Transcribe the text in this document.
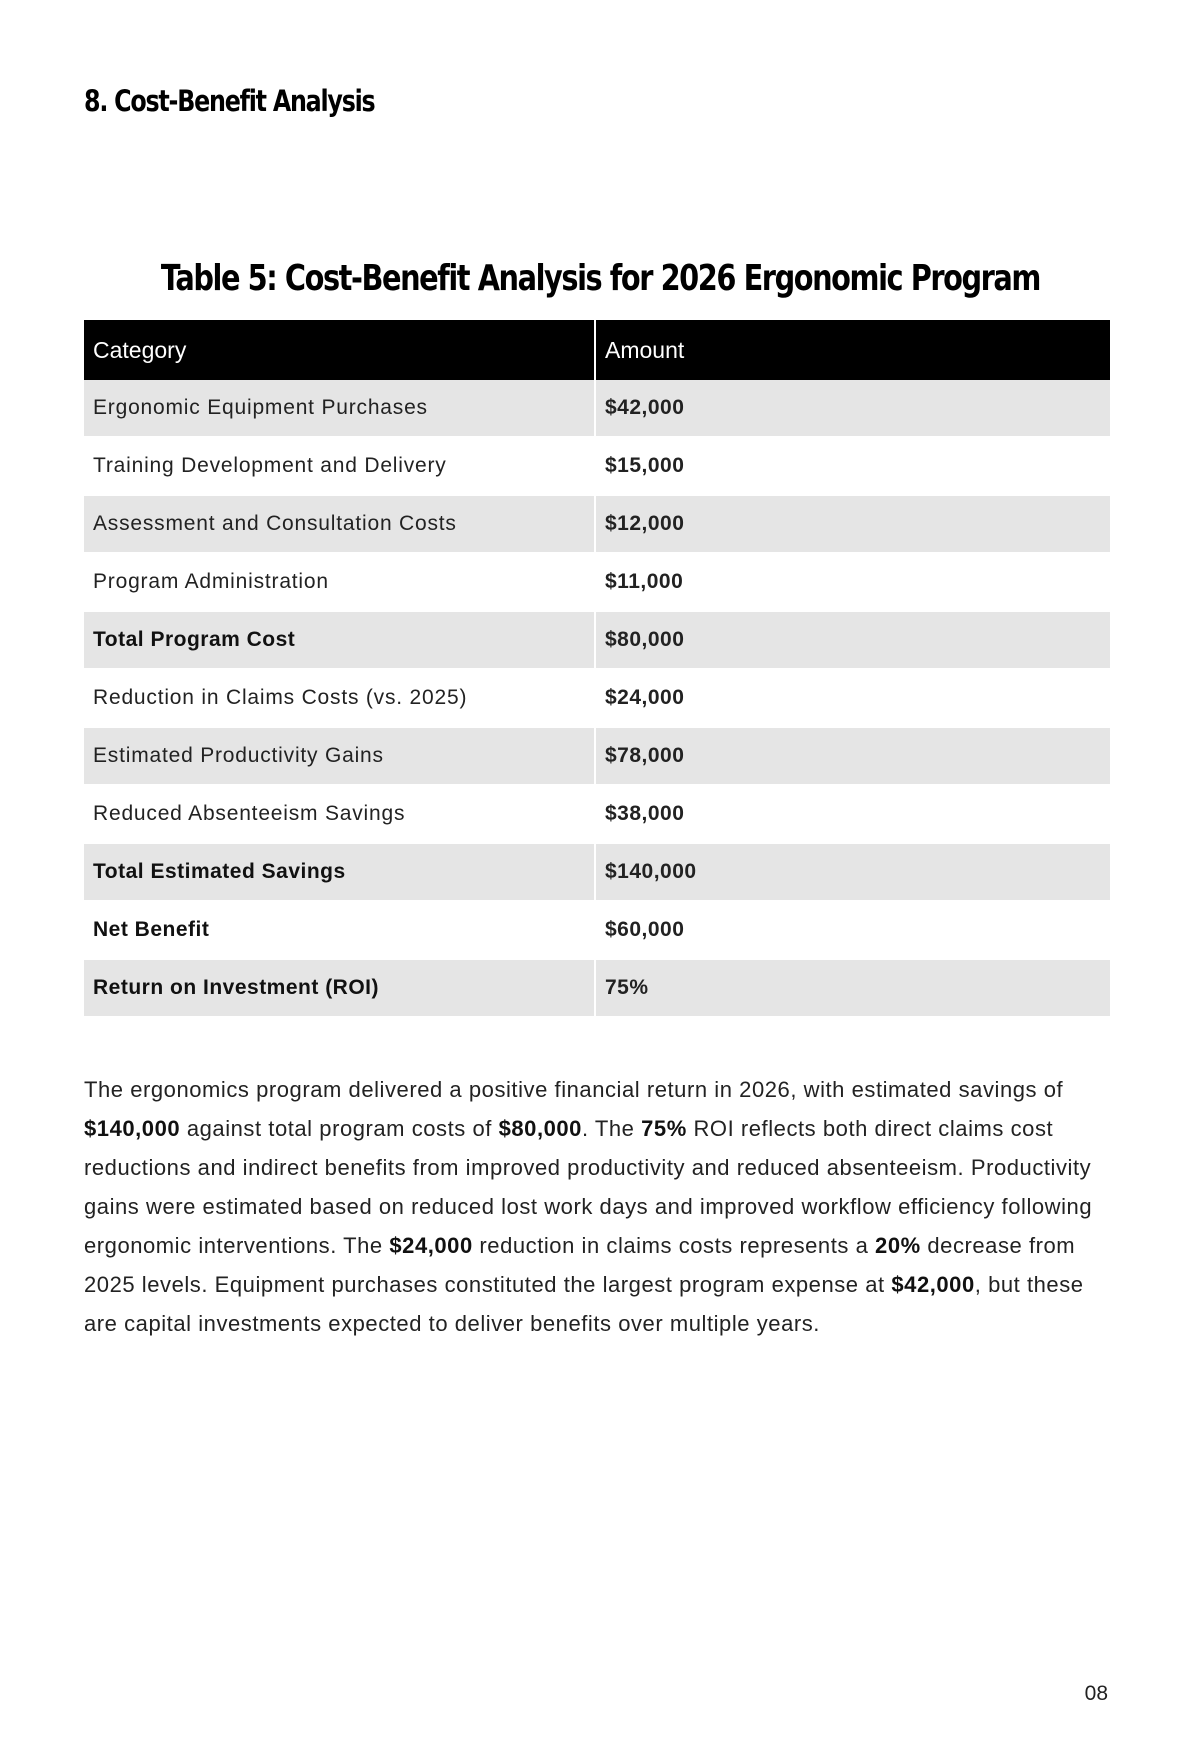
8. Cost-Benefit Analysis
Table 5: Cost-Benefit Analysis for 2026 Ergonomic Program
Category	Amount
Ergonomic Equipment Purchases	$42,000
Training Development and Delivery	$15,000
Assessment and Consultation Costs	$12,000
Program Administration	$11,000
Total Program Cost	$80,000
Reduction in Claims Costs (vs. 2025)	$24,000
Estimated Productivity Gains	$78,000
Reduced Absenteeism Savings	$38,000
Total Estimated Savings	$140,000
Net Benefit	$60,000
Return on Investment (ROI)	75%

The ergonomics program delivered a positive financial return in 2026, with estimated savings of $140,000 against total program costs of $80,000. The 75% ROI reflects both direct claims cost reductions and indirect benefits from improved productivity and reduced absenteeism. Productivity gains were estimated based on reduced lost work days and improved workflow efficiency following ergonomic interventions. The $24,000 reduction in claims costs represents a 20% decrease from 2025 levels. Equipment purchases constituted the largest program expense at $42,000, but these are capital investments expected to deliver benefits over multiple years.

08
